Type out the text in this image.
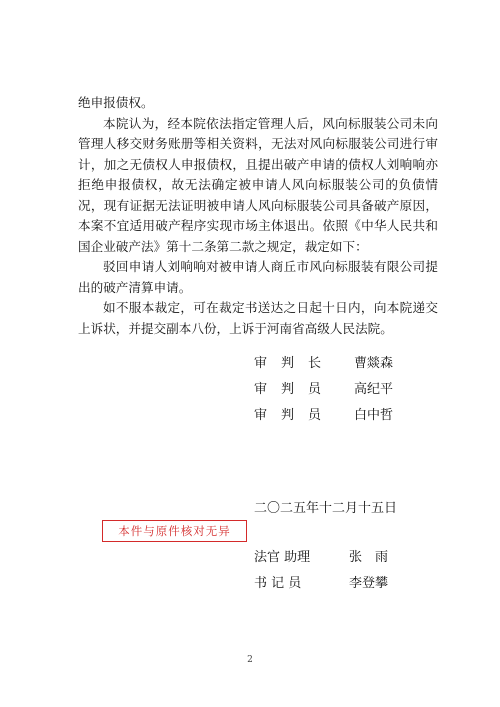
绝申报债权。

本院认为，经本院依法指定管理人后，风向标服装公司未向管理人移交财务账册等相关资料，无法对风向标服装公司进行审计，加之无债权人申报债权，且提出破产申请的债权人刘响响亦拒绝申报债权，故无法确定被申请人风向标服装公司的负债情况，现有证据无法证明被申请人风向标服装公司具备破产原因，本案不宜适用破产程序实现市场主体退出。依照《中华人民共和国企业破产法》第十二条第二款之规定，裁定如下：

驳回申请人刘响响对被申请人商丘市风向标服装有限公司提出的破产清算申请。

如不服本裁定，可在裁定书送达之日起十日内，向本院递交上诉状，并提交副本八份，上诉于河南省高级人民法院。

审判长 曹燚森
审判员 高纪平
审判员 白中哲
二〇二五年十二月十五日
本件与原件核对无异
法官 助理	张　雨
书 记 员	李登攀
2
